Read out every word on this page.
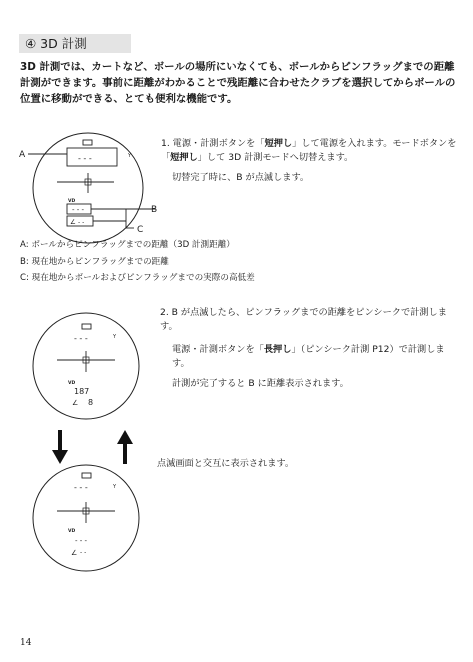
④ 3D 計測
3D 計測では、カートなど、ボールの場所にいなくても、ボールからピンフラッグまでの距離計測ができます。事前に距離がわかることで残距離に合わせたクラブを選択してからボールの位置に移動ができる、とても便利な機能です。
- - -	Y
A
VD
- - -	B
∠ - -
C
1. 電源・計測ボタンを「短押し」して電源を入れます。モードボタンを「短押し」して 3D 計測モードへ切替えます。
切替完了時に、B が点滅します。
A: ボールからピンフラッグまでの距離（3D 計測距離）
B: 現在地からピンフラッグまでの距離
C: 現在地からボールおよびピンフラッグまでの実際の高低差
- - -	Y
VD
187
∠ 8
2. B が点滅したら、ピンフラッグまでの距離をピンシークで計測します。
電源・計測ボタンを「長押し」（ピンシーク計測 P12）で計測します。
計測が完了すると B に距離表示されます。
点滅画面と交互に表示されます。
- - -	Y
VD
- - -
∠ - -
14
